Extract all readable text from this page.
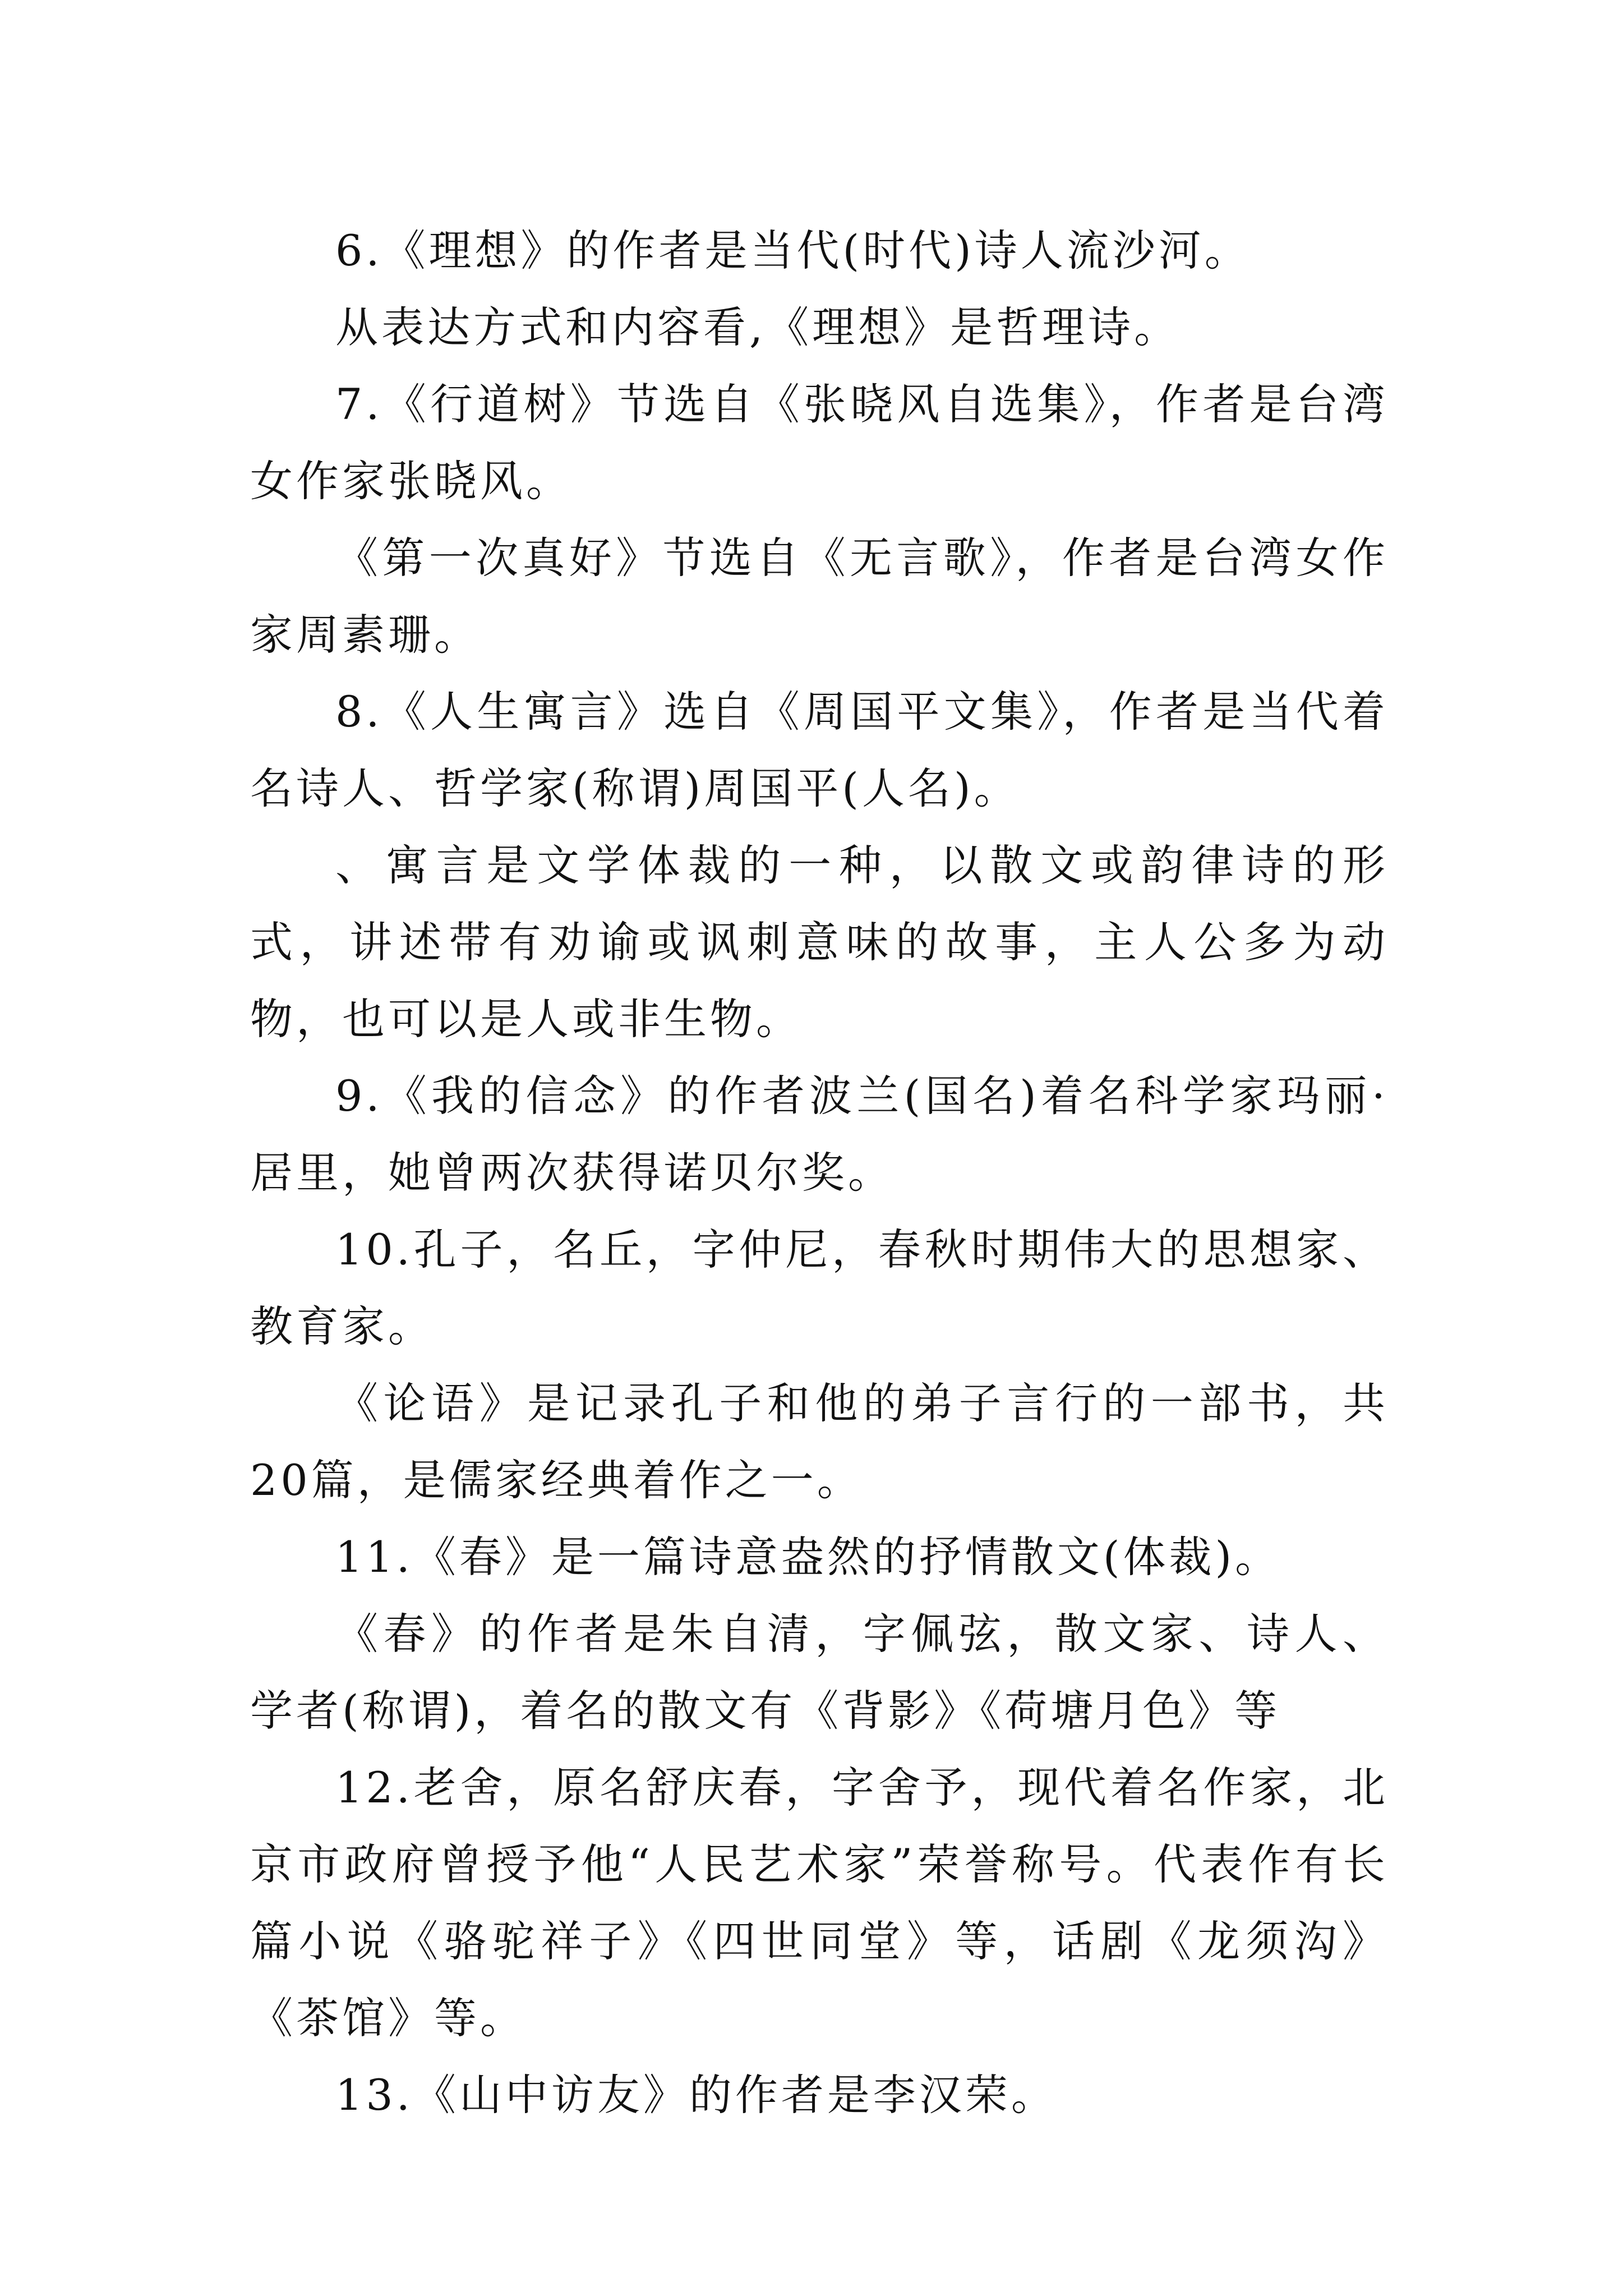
6.《理想》的作者是当代(时代)诗人流沙河。

从表达方式和内容看,《理想》是哲理诗。

7.《行道树》节选自《张晓风自选集》，作者是台湾女作家张晓风。

《第一次真好》节选自《无言歌》，作者是台湾女作家周素珊。

8.《人生寓言》选自《周国平文集》，作者是当代着名诗人、哲学家(称谓)周国平(人名)。

、寓言是文学体裁的一种，以散文或韵律诗的形式，讲述带有劝谕或讽刺意味的故事，主人公多为动物，也可以是人或非生物。

9.《我的信念》的作者波兰(国名)着名科学家玛丽·居里，她曾两次获得诺贝尔奖。

10.孔子，名丘，字仲尼，春秋时期伟大的思想家、教育家。

《论语》是记录孔子和他的弟子言行的一部书，共20篇，是儒家经典着作之一。

11.《春》是一篇诗意盎然的抒情散文(体裁)。

《春》的作者是朱自清，字佩弦，散文家、诗人、学者(称谓)，着名的散文有《背影》《荷塘月色》等

12.老舍，原名舒庆春，字舍予，现代着名作家，北京市政府曾授予他“人民艺术家”荣誉称号。代表作有长篇小说《骆驼祥子》《四世同堂》等，话剧《龙须沟》《茶馆》等。

13.《山中访友》的作者是李汉荣。
